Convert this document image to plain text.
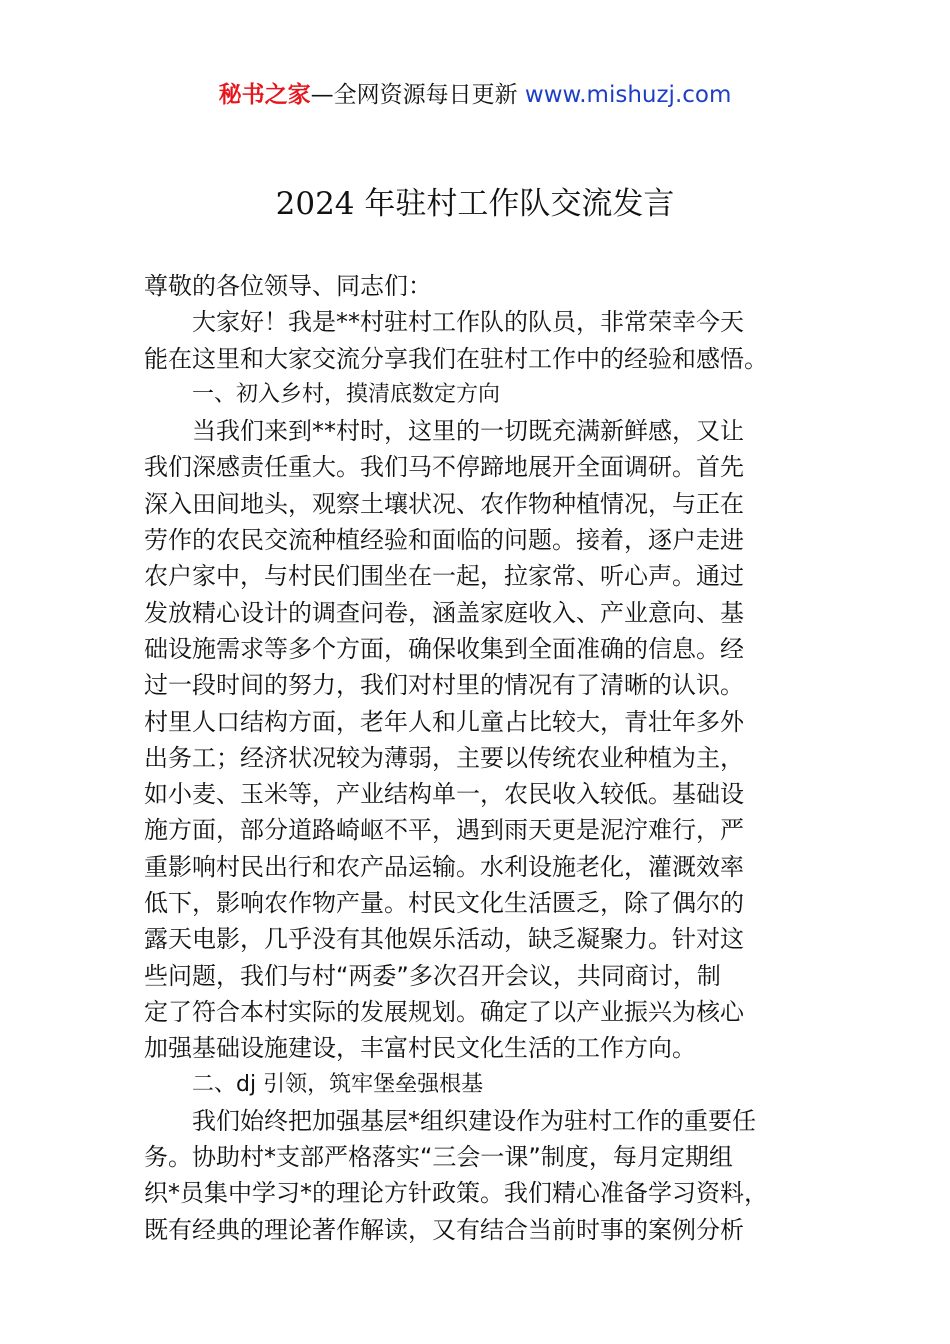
秘书之家—全网资源每日更新 www.mishuzj.com
2024 年驻村工作队交流发言
尊敬的各位领导、同志们：
大家好！我是**村驻村工作队的队员，非常荣幸今天
能在这里和大家交流分享我们在驻村工作中的经验和感悟。
一、初入乡村，摸清底数定方向
当我们来到**村时，这里的一切既充满新鲜感，又让
我们深感责任重大。我们马不停蹄地展开全面调研。首先
深入田间地头，观察土壤状况、农作物种植情况，与正在
劳作的农民交流种植经验和面临的问题。接着，逐户走进
农户家中，与村民们围坐在一起，拉家常、听心声。通过
发放精心设计的调查问卷，涵盖家庭收入、产业意向、基
础设施需求等多个方面，确保收集到全面准确的信息。经
过一段时间的努力，我们对村里的情况有了清晰的认识。
村里人口结构方面，老年人和儿童占比较大，青壮年多外
出务工；经济状况较为薄弱，主要以传统农业种植为主，
如小麦、玉米等，产业结构单一，农民收入较低。基础设
施方面，部分道路崎岖不平，遇到雨天更是泥泞难行，严
重影响村民出行和农产品运输。水利设施老化，灌溉效率
低下，影响农作物产量。村民文化生活匮乏，除了偶尔的
露天电影，几乎没有其他娱乐活动，缺乏凝聚力。针对这
些问题，我们与村“两委”多次召开会议，共同商讨，制
定了符合本村实际的发展规划。确定了以产业振兴为核心
加强基础设施建设，丰富村民文化生活的工作方向。
二、dj 引领，筑牢堡垒强根基
我们始终把加强基层*组织建设作为驻村工作的重要任
务。协助村*支部严格落实“三会一课”制度，每月定期组
织*员集中学习*的理论方针政策。我们精心准备学习资料，
既有经典的理论著作解读，又有结合当前时事的案例分析
